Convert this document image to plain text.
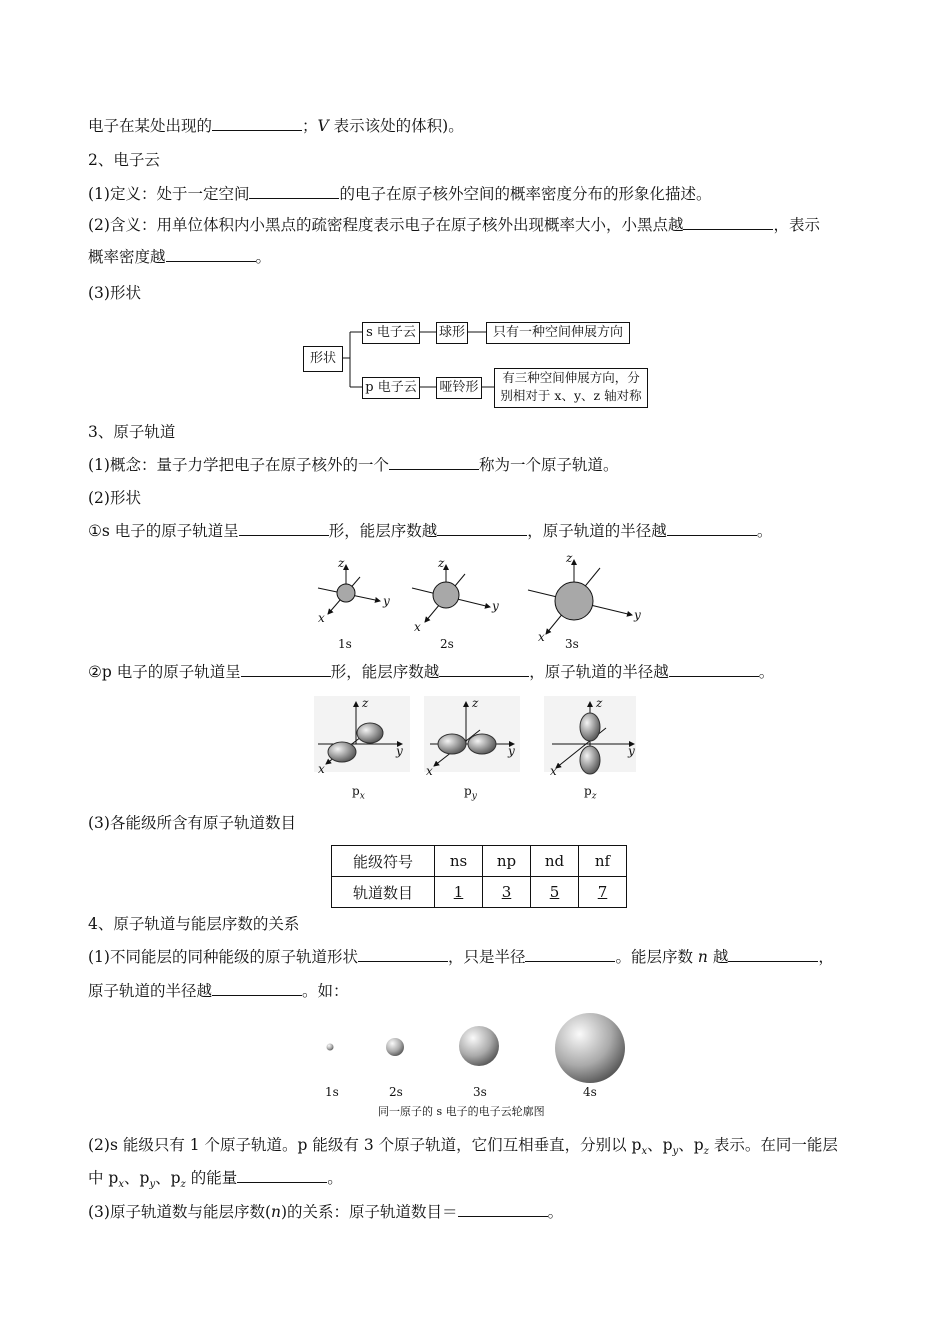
电子在某处出现的	；V 表示该处的体积)。
2、电子云
(1)定义：处于一定空间	的电子在原子核外空间的概率密度分布的形象化描述。
(2)含义：用单位体积内小黑点的疏密程度表示电子在原子核外出现概率大小，小黑点越	，表示
概率密度越	。
(3)形状
形状
s 电子云	球形	只有一种空间伸展方向
p 电子云 哑铃形
有三种空间伸展方向，分
别相对于 x、y、z 轴对称
3、原子轨道
(1)概念：量子力学把电子在原子核外的一个	称为一个原子轨道。
(2)形状
①s 电子的原子轨道呈	形，能层序数越	，原子轨道的半径越	。
z
y
x
z
y
x
z
y
x
1s	2s	3s
②p 电子的原子轨道呈	形，能层序数越	，原子轨道的半径越	。
z
y
x
z
y
x
z
y
x
$p_x$	$p_y$	$p_z$
(3)各能级所含有原子轨道数目
能级符号	ns	np	nd	nf
轨道数目	1	3	5	7
4、原子轨道与能层序数的关系
(1)不同能层的同种能级的原子轨道形状	，只是半径	。能层序数 n 越	，
原子轨道的半径越	。如：
1s	2s	3s	4s
同一原子的 s 电子的电子云轮廓图
(2)s 能级只有 1 个原子轨道。p 能级有 3 个原子轨道，它们互相垂直，分别以 $p_x$、$p_y$、$p_z$ 表示。在同一能层
中 $p_x$、$p_y$、$p_z$ 的能量	。
(3)原子轨道数与能层序数(n)的关系：原子轨道数目＝	。
